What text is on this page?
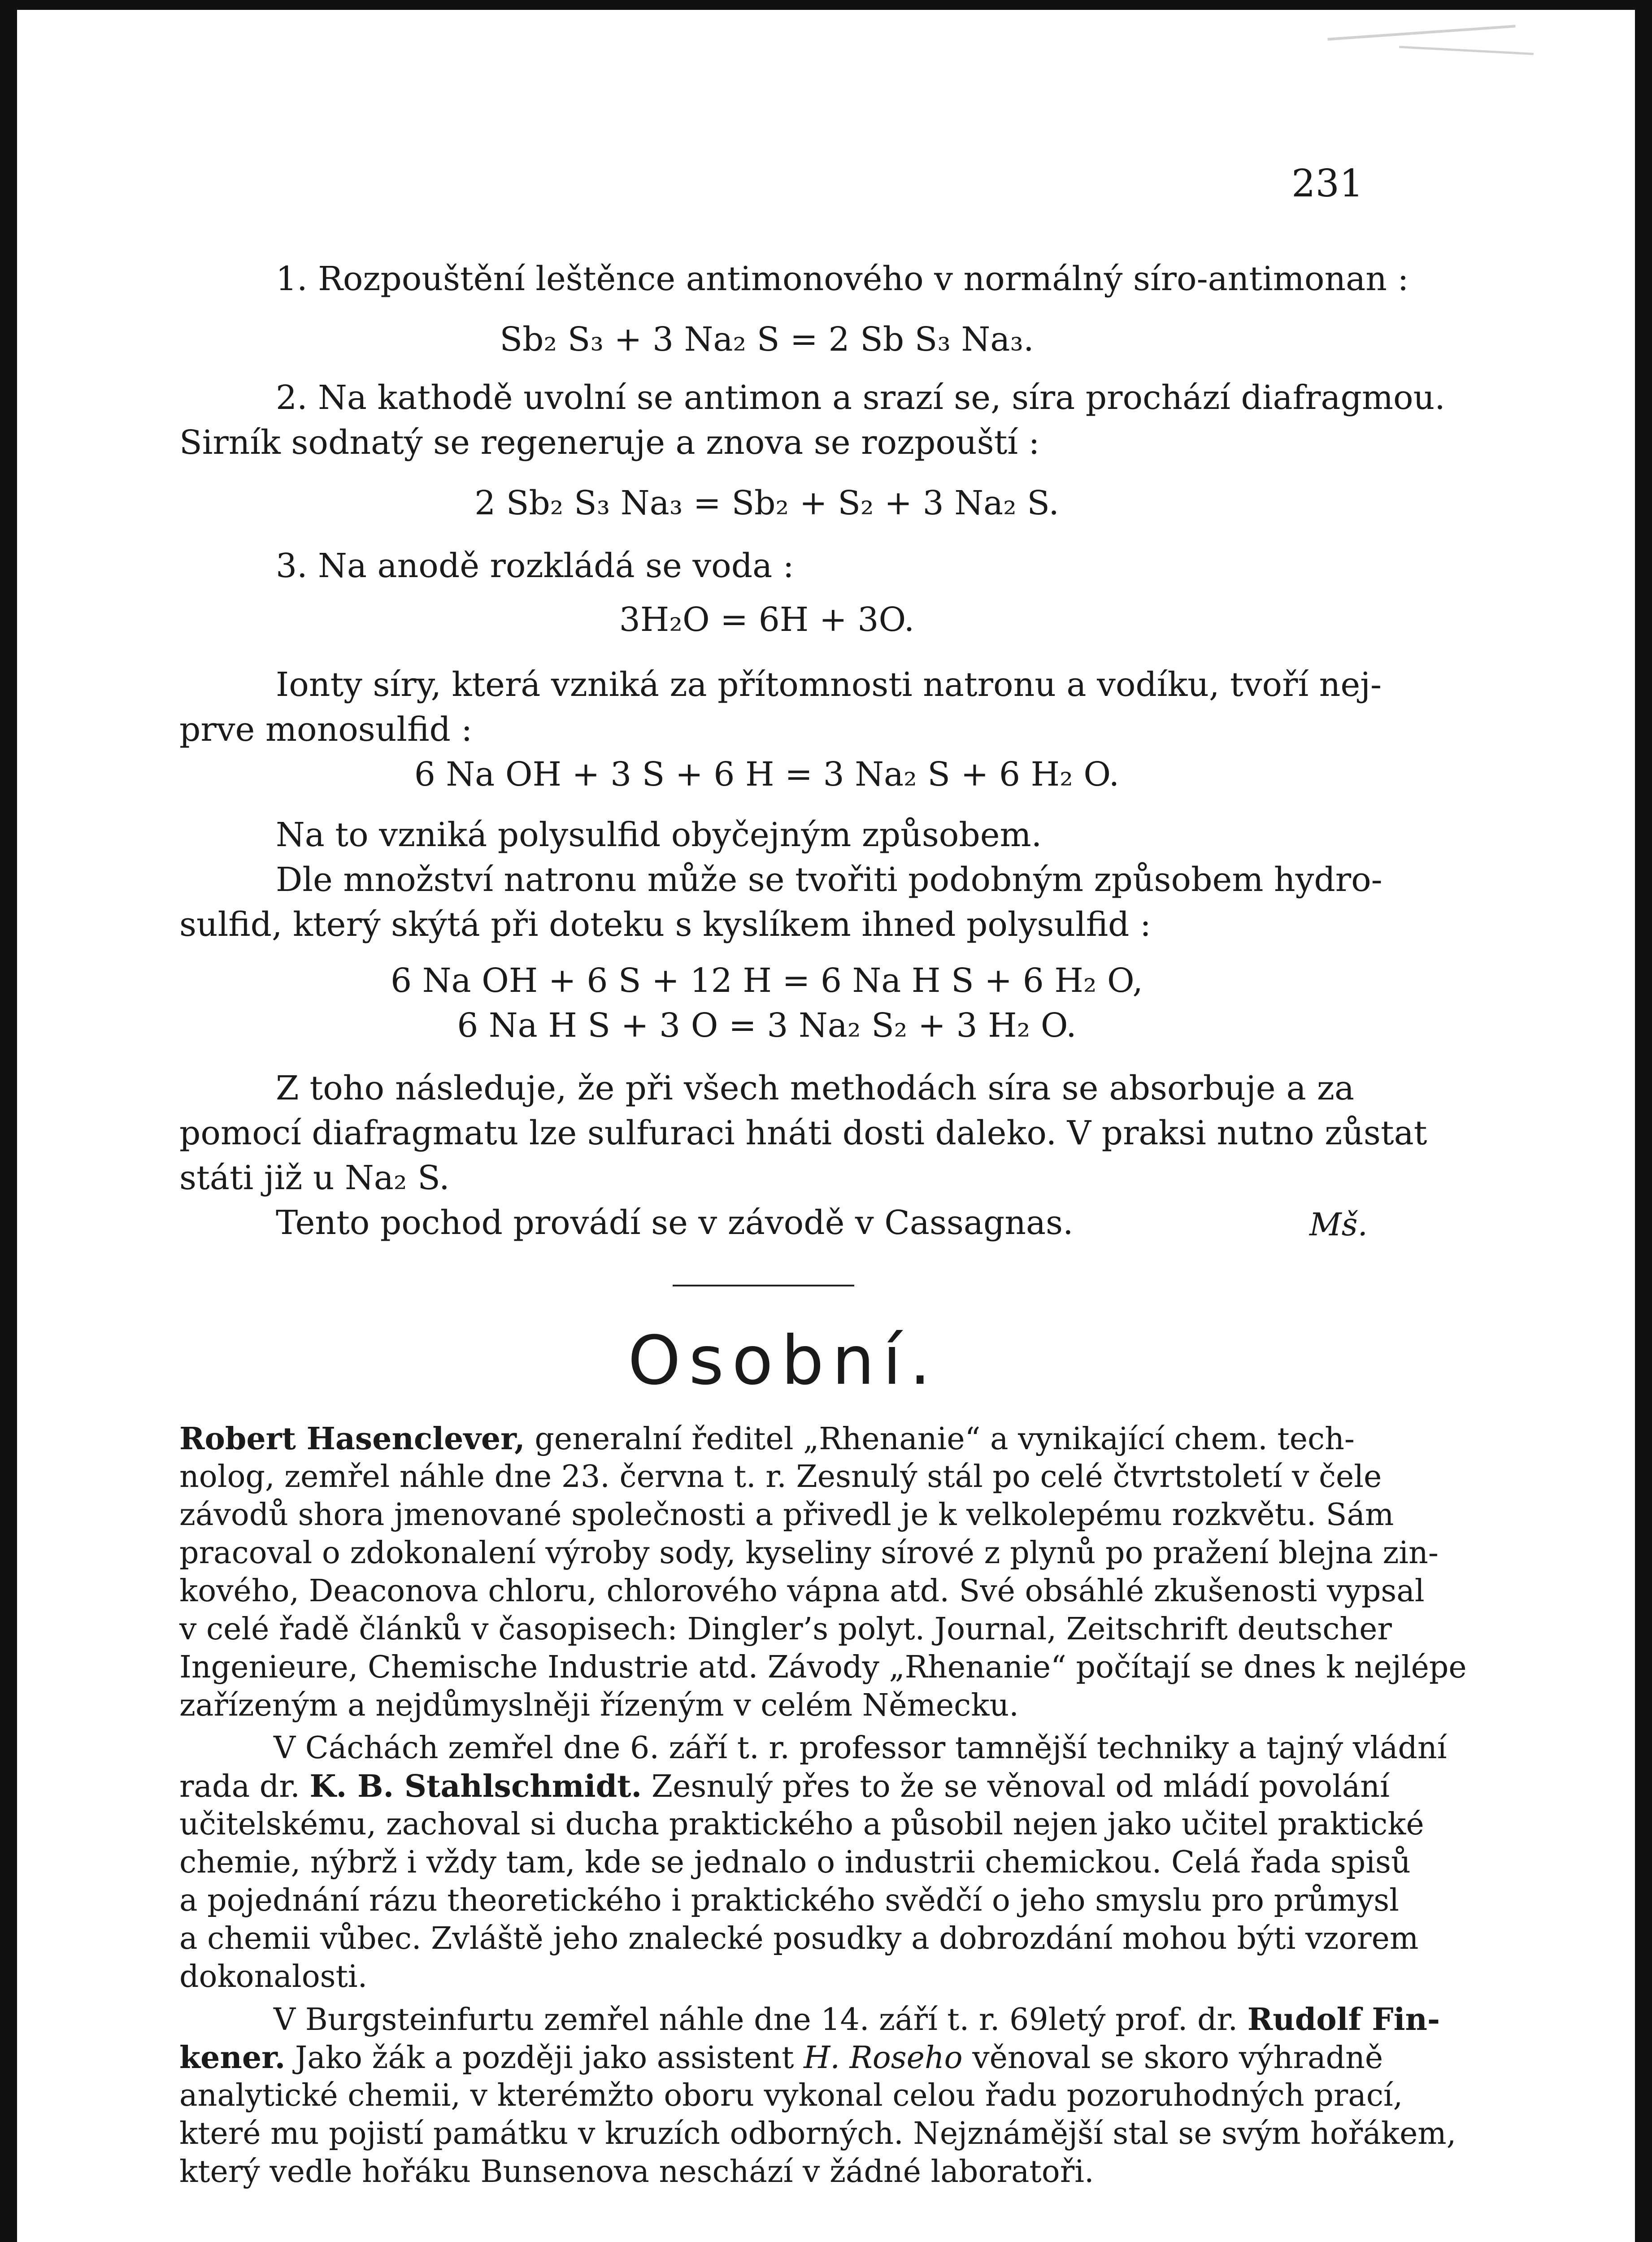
231
1. Rozpouštění leštěnce antimonového v normálný síro-antimonan :
Sb₂ S₃ + 3 Na₂ S = 2 Sb S₃ Na₃.
2. Na kathodě uvolní se antimon a srazí se, síra prochází diafragmou.
Sirník sodnatý se regeneruje a znova se rozpouští :
2 Sb₂ S₃ Na₃ = Sb₂ + S₂ + 3 Na₂ S.
3. Na anodě rozkládá se voda :
3H₂O = 6H + 3O.
Ionty síry, která vzniká za přítomnosti natronu a vodíku, tvoří nej-
prve monosulfid :
6 Na OH + 3 S + 6 H = 3 Na₂ S + 6 H₂ O.
Na to vzniká polysulfid obyčejným způsobem.
Dle množství natronu může se tvořiti podobným způsobem hydro-
sulfid, který skýtá při doteku s kyslíkem ihned polysulfid :
6 Na OH + 6 S + 12 H = 6 Na H S + 6 H₂ O,
6 Na H S + 3 O = 3 Na₂ S₂ + 3 H₂ O.
Z toho následuje, že při všech methodách síra se absorbuje a za
pomocí diafragmatu lze sulfuraci hnáti dosti daleko. V praksi nutno zůstat
státi již u Na₂ S.
Tento pochod provádí se v závodě v Cassagnas.	Mš.
Osobní.
Robert Hasenclever, generalní ředitel „Rhenanie“ a vynikající chem. tech-
nolog, zemřel náhle dne 23. června t. r. Zesnulý stál po celé čtvrtstoletí v čele
závodů shora jmenované společnosti a přivedl je k velkolepému rozkvětu. Sám
pracoval o zdokonalení výroby sody, kyseliny sírové z plynů po pražení blejna zin-
kového, Deaconova chloru, chlorového vápna atd. Své obsáhlé zkušenosti vypsal
v celé řadě článků v časopisech: Dingler’s polyt. Journal, Zeitschrift deutscher
Ingenieure, Chemische Industrie atd. Závody „Rhenanie“ počítají se dnes k nejlépe
zařízeným a nejdůmyslněji řízeným v celém Německu.
V Cáchách zemřel dne 6. září t. r. professor tamnější techniky a tajný vládní
rada dr. K. B. Stahlschmidt. Zesnulý přes to že se věnoval od mládí povolání
učitelskému, zachoval si ducha praktického a působil nejen jako učitel praktické
chemie, nýbrž i vždy tam, kde se jednalo o industrii chemickou. Celá řada spisů
a pojednání rázu theoretického i praktického svědčí o jeho smyslu pro průmysl
a chemii vůbec. Zvláště jeho znalecké posudky a dobrozdání mohou býti vzorem
dokonalosti.
V Burgsteinfurtu zemřel náhle dne 14. září t. r. 69letý prof. dr. Rudolf Fin-
kener. Jako žák a později jako assistent H. Roseho věnoval se skoro výhradně
analytické chemii, v kterémžto oboru vykonal celou řadu pozoruhodných prací,
které mu pojistí památku v kruzích odborných. Nejznámější stal se svým hořákem,
který vedle hořáku Bunsenova neschází v žádné laboratoři.
